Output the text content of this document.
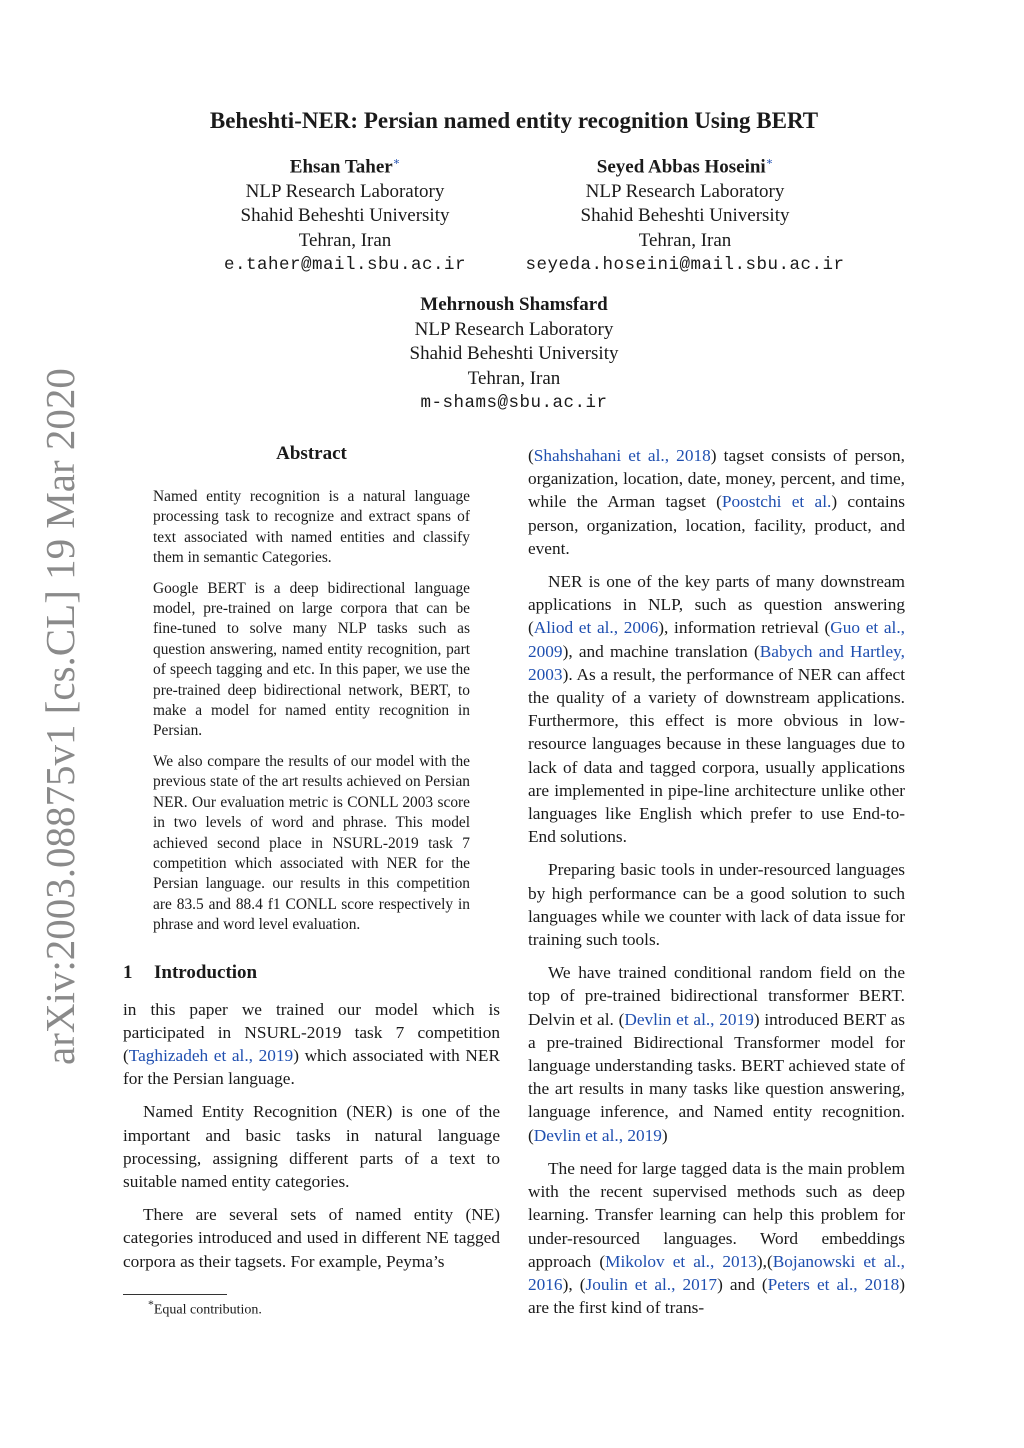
Beheshti-NER: Persian named entity recognition Using BERT
arXiv:2003.08875v1 [cs.CL] 19 Mar 2020
Ehsan Taher∗
NLP Research Laboratory
Shahid Beheshti University
Tehran, Iran
e.taher@mail.sbu.ac.ir
Seyed Abbas Hoseini∗
NLP Research Laboratory
Shahid Beheshti University
Tehran, Iran
seyeda.hoseini@mail.sbu.ac.ir
Mehrnoush Shamsfard
NLP Research Laboratory
Shahid Beheshti University
Tehran, Iran
m-shams@sbu.ac.ir
Abstract

Named entity recognition is a natural language processing task to recognize and extract spans of text associated with named entities and classify them in semantic Categories.

Google BERT is a deep bidirectional language model, pre-trained on large corpora that can be fine-tuned to solve many NLP tasks such as question answering, named entity recognition, part of speech tagging and etc. In this paper, we use the pre-trained deep bidirectional network, BERT, to make a model for named entity recognition in Persian.

We also compare the results of our model with the previous state of the art results achieved on Persian NER. Our evaluation metric is CONLL 2003 score in two levels of word and phrase. This model achieved second place in NSURL-2019 task 7 competition which associated with NER for the Persian language. our results in this competition are 83.5 and 88.4 f1 CONLL score respectively in phrase and word level evaluation.

1 Introduction

in this paper we trained our model which is participated in NSURL-2019 task 7 competition (Taghizadeh et al., 2019) which associated with NER for the Persian language.

Named Entity Recognition (NER) is one of the important and basic tasks in natural language processing, assigning different parts of a text to suitable named entity categories.

There are several sets of named entity (NE) categories introduced and used in different NE tagged corpora as their tagsets. For example, Peyma’s

(Shahshahani et al., 2018) tagset consists of person, organization, location, date, money, percent, and time, while the Arman tagset (Poostchi et al.) contains person, organization, location, facility, product, and event.

NER is one of the key parts of many downstream applications in NLP, such as question answering (Aliod et al., 2006), information retrieval (Guo et al., 2009), and machine translation (Babych and Hartley, 2003). As a result, the performance of NER can affect the quality of a variety of downstream applications. Furthermore, this effect is more obvious in low-resource languages because in these languages due to lack of data and tagged corpora, usually applications are implemented in pipe-line architecture unlike other languages like English which prefer to use End-to-End solutions.

Preparing basic tools in under-resourced languages by high performance can be a good solution to such languages while we counter with lack of data issue for training such tools.

We have trained conditional random field on the top of pre-trained bidirectional transformer BERT. Delvin et al. (Devlin et al., 2019) introduced BERT as a pre-trained Bidirectional Transformer model for language understanding tasks. BERT achieved state of the art results in many tasks like question answering, language inference, and Named entity recognition.(Devlin et al., 2019)

The need for large tagged data is the main problem with the recent supervised methods such as deep learning. Transfer learning can help this problem for under-resourced languages. Word embeddings approach (Mikolov et al., 2013),(Bojanowski et al., 2016), (Joulin et al., 2017) and (Peters et al., 2018) are the first kind of trans-

*Equal contribution.
